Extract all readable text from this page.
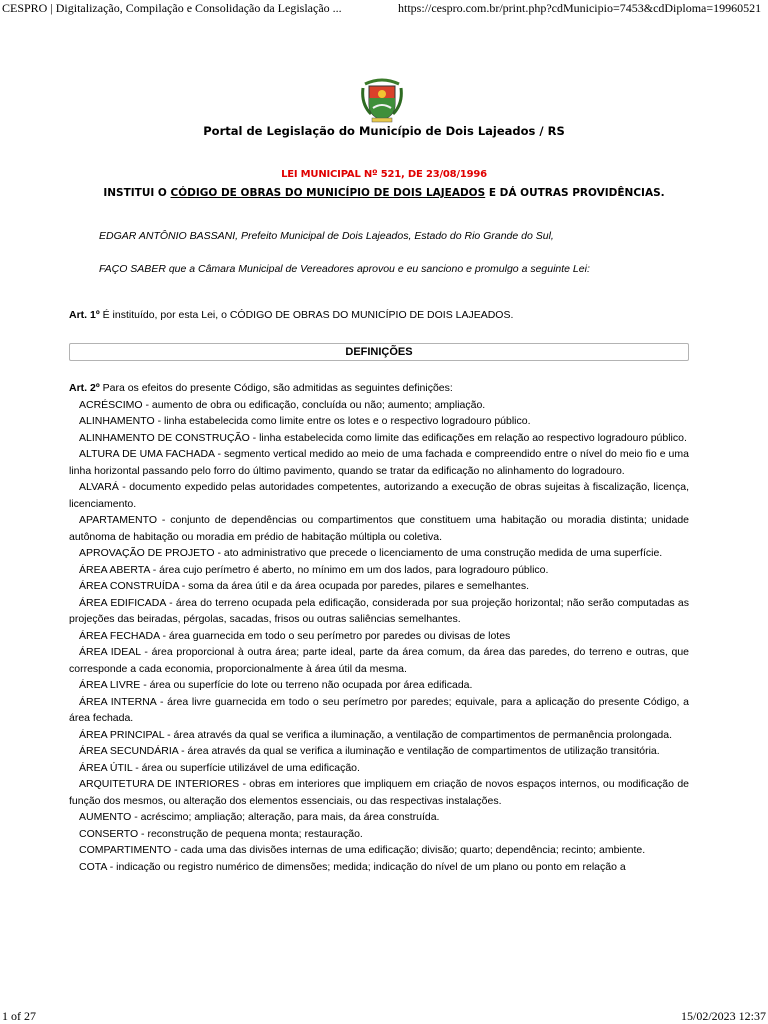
CESPRO | Digitalização, Compilação e Consolidação da Legislação ...	https://cespro.com.br/print.php?cdMunicipio=7453&cdDiploma=19960521
Portal de Legislação do Município de Dois Lajeados / RS
LEI MUNICIPAL Nº 521, DE 23/08/1996
INSTITUI O CÓDIGO DE OBRAS DO MUNICÍPIO DE DOIS LAJEADOS E DÁ OUTRAS PROVIDÊNCIAS.
EDGAR ANTÔNIO BASSANI, Prefeito Municipal de Dois Lajeados, Estado do Rio Grande do Sul,
FAÇO SABER que a Câmara Municipal de Vereadores aprovou e eu sanciono e promulgo a seguinte Lei:
Art. 1º É instituído, por esta Lei, o CÓDIGO DE OBRAS DO MUNICÍPIO DE DOIS LAJEADOS.
DEFINIÇÕES

Art. 2º Para os efeitos do presente Código, são admitidas as seguintes definições:

ACRÉSCIMO - aumento de obra ou edificação, concluída ou não; aumento; ampliação.

ALINHAMENTO - linha estabelecida como limite entre os lotes e o respectivo logradouro público.

ALINHAMENTO DE CONSTRUÇÃO - linha estabelecida como limite das edificações em relação ao respectivo logradouro público.

ALTURA DE UMA FACHADA - segmento vertical medido ao meio de uma fachada e compreendido entre o nível do meio fio e uma linha horizontal passando pelo forro do último pavimento, quando se tratar da edificação no alinhamento do logradouro.

ALVARÁ - documento expedido pelas autoridades competentes, autorizando a execução de obras sujeitas à fiscalização, licença, licenciamento.

APARTAMENTO - conjunto de dependências ou compartimentos que constituem uma habitação ou moradia distinta; unidade autônoma de habitação ou moradia em prédio de habitação múltipla ou coletiva.

APROVAÇÃO DE PROJETO - ato administrativo que precede o licenciamento de uma construção medida de uma superfície.

ÁREA ABERTA - área cujo perímetro é aberto, no mínimo em um dos lados, para logradouro público.

ÁREA CONSTRUÍDA - soma da área útil e da área ocupada por paredes, pilares e semelhantes.

ÁREA EDIFICADA - área do terreno ocupada pela edificação, considerada por sua projeção horizontal; não serão computadas as projeções das beiradas, pérgolas, sacadas, frisos ou outras saliências semelhantes.

ÁREA FECHADA - área guarnecida em todo o seu perímetro por paredes ou divisas de lotes

ÁREA IDEAL - área proporcional à outra área; parte ideal, parte da área comum, da área das paredes, do terreno e outras, que corresponde a cada economia, proporcionalmente à área útil da mesma.

ÁREA LIVRE - área ou superfície do lote ou terreno não ocupada por área edificada.

ÁREA INTERNA - área livre guarnecida em todo o seu perímetro por paredes; equivale, para a aplicação do presente Código, a área fechada.

ÁREA PRINCIPAL - área através da qual se verifica a iluminação, a ventilação de compartimentos de permanência prolongada.

ÁREA SECUNDÁRIA - área através da qual se verifica a iluminação e ventilação de compartimentos de utilização transitória.

ÁREA ÚTIL - área ou superfície utilizável de uma edificação.

ARQUITETURA DE INTERIORES - obras em interiores que impliquem em criação de novos espaços internos, ou modificação de função dos mesmos, ou alteração dos elementos essenciais, ou das respectivas instalações.

AUMENTO - acréscimo; ampliação; alteração, para mais, da área construída.

CONSERTO - reconstrução de pequena monta; restauração.

COMPARTIMENTO - cada uma das divisões internas de uma edificação; divisão; quarto; dependência; recinto; ambiente.

COTA - indicação ou registro numérico de dimensões; medida; indicação do nível de um plano ou ponto em relação a

1 of 27	15/02/2023 12:37
